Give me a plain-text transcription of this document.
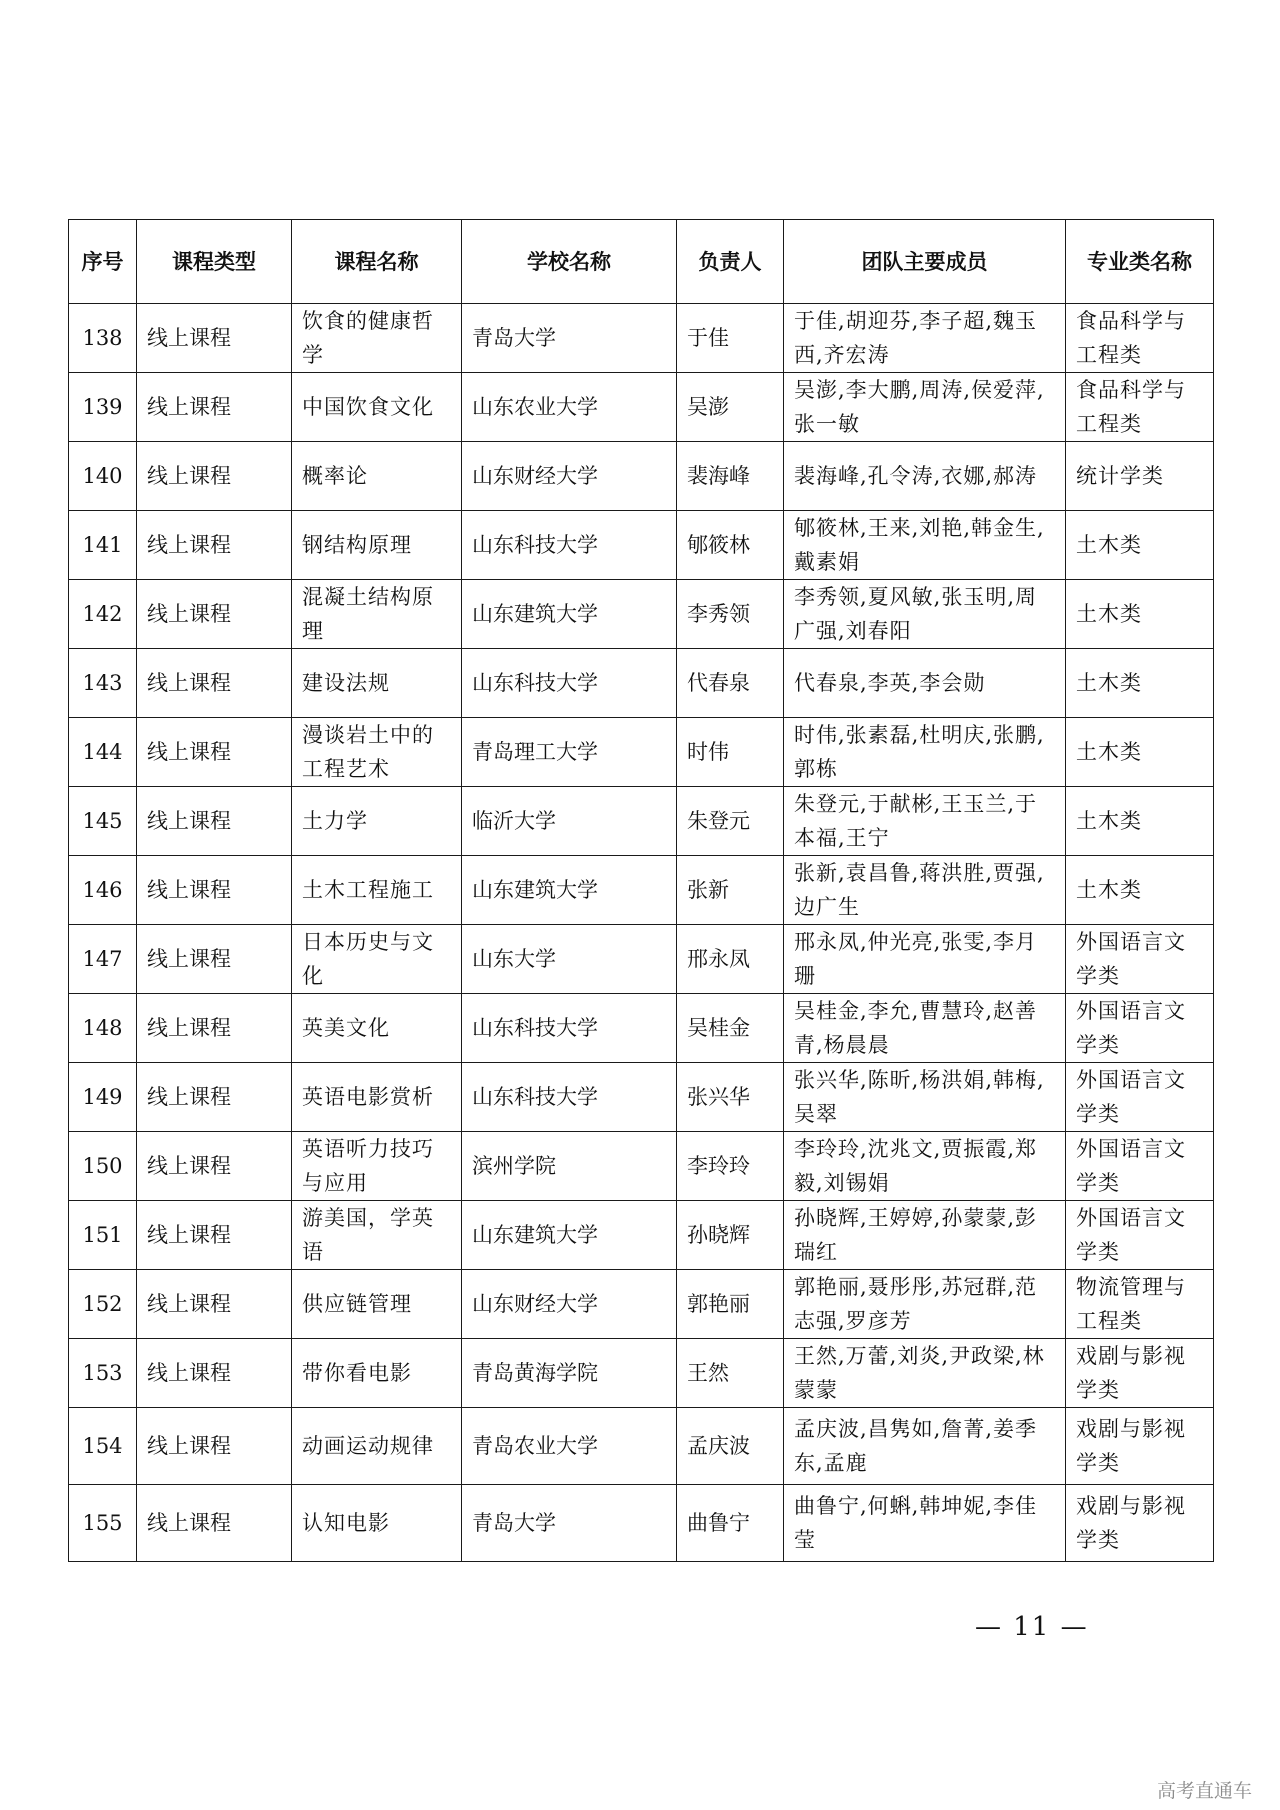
序号	课程类型	课程名称	学校名称	负责人	团队主要成员	专业类名称
138	线上课程	饮食的健康哲学	青岛大学	于佳	于佳,胡迎芬,李子超,魏玉西,齐宏涛	食品科学与工程类
139	线上课程	中国饮食文化	山东农业大学	吴澎	吴澎,李大鹏,周涛,侯爱萍,张一敏	食品科学与工程类
140	线上课程	概率论	山东财经大学	裴海峰	裴海峰,孔令涛,衣娜,郝涛	统计学类
141	线上课程	钢结构原理	山东科技大学	郇筱林	郇筱林,王来,刘艳,韩金生,戴素娟	土木类
142	线上课程	混凝土结构原理	山东建筑大学	李秀领	李秀领,夏风敏,张玉明,周广强,刘春阳	土木类
143	线上课程	建设法规	山东科技大学	代春泉	代春泉,李英,李会勋	土木类
144	线上课程	漫谈岩土中的工程艺术	青岛理工大学	时伟	时伟,张素磊,杜明庆,张鹏,郭栋	土木类
145	线上课程	土力学	临沂大学	朱登元	朱登元,于献彬,王玉兰,于本福,王宁	土木类
146	线上课程	土木工程施工	山东建筑大学	张新	张新,袁昌鲁,蒋洪胜,贾强,边广生	土木类
147	线上课程	日本历史与文化	山东大学	邢永凤	邢永凤,仲光亮,张雯,李月珊	外国语言文学类
148	线上课程	英美文化	山东科技大学	吴桂金	吴桂金,李允,曹慧玲,赵善青,杨晨晨	外国语言文学类
149	线上课程	英语电影赏析	山东科技大学	张兴华	张兴华,陈昕,杨洪娟,韩梅,吴翠	外国语言文学类
150	线上课程	英语听力技巧与应用	滨州学院	李玲玲	李玲玲,沈兆文,贾振霞,郑毅,刘锡娟	外国语言文学类
151	线上课程	游美国，学英语	山东建筑大学	孙晓辉	孙晓辉,王婷婷,孙蒙蒙,彭瑞红	外国语言文学类
152	线上课程	供应链管理	山东财经大学	郭艳丽	郭艳丽,聂彤彤,苏冠群,范志强,罗彦芳	物流管理与工程类
153	线上课程	带你看电影	青岛黄海学院	王然	王然,万蕾,刘炎,尹政梁,林蒙蒙	戏剧与影视学类
154	线上课程	动画运动规律	青岛农业大学	孟庆波	孟庆波,昌隽如,詹菁,姜季东,孟鹿	戏剧与影视学类
155	线上课程	认知电影	青岛大学	曲鲁宁	曲鲁宁,何蝌,韩坤妮,李佳莹	戏剧与影视学类
— 11 —
高考直通车
